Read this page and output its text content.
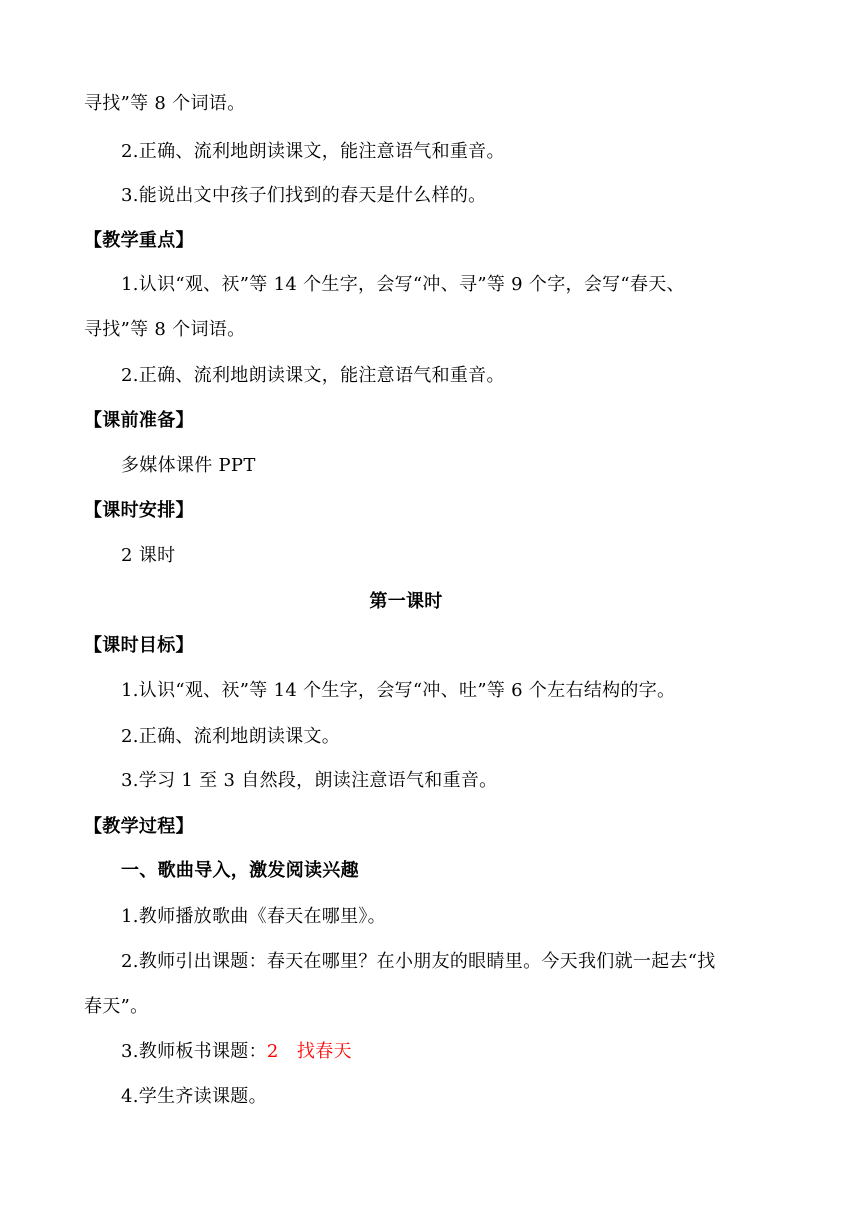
寻找”等 8 个词语。
2.正确、流利地朗读课文，能注意语气和重音。
3.能说出文中孩子们找到的春天是什么样的。
【教学重点】
1.认识“观、祆”等 14 个生字，会写“冲、寻”等 9 个字，会写“春天、
寻找”等 8 个词语。
2.正确、流利地朗读课文，能注意语气和重音。
【课前准备】
多媒体课件 PPT
【课时安排】
2 课时
第一课时
【课时目标】
1.认识“观、祆”等 14 个生字，会写“冲、吐”等 6 个左右结构的字。
2.正确、流利地朗读课文。
3.学习 1 至 3 自然段，朗读注意语气和重音。
【教学过程】
一、歌曲导入，激发阅读兴趣
1.教师播放歌曲《春天在哪里》。
2.教师引出课题：春天在哪里？在小朋友的眼睛里。今天我们就一起去“找
春天”。
3.教师板书课题：2　找春天
4.学生齐读课题。
